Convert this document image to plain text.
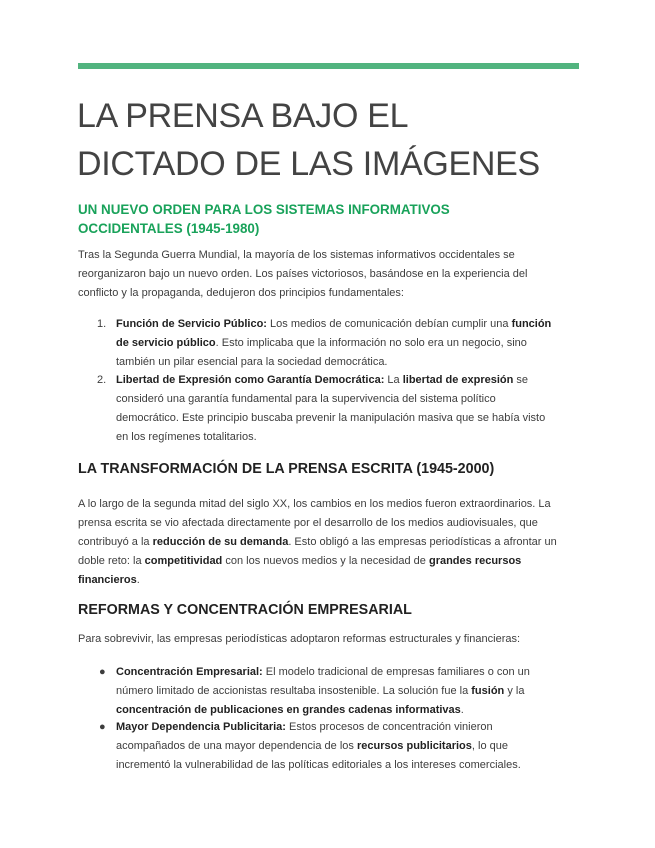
LA PRENSA BAJO EL
DICTADO DE LAS IMÁGENES
UN NUEVO ORDEN PARA LOS SISTEMAS INFORMATIVOS
OCCIDENTALES (1945-1980)

Tras la Segunda Guerra Mundial, la mayoría de los sistemas informativos occidentales se
reorganizaron bajo un nuevo orden. Los países victoriosos, basándose en la experiencia del
conflicto y la propaganda, dedujeron dos principios fundamentales:

1. Función de Servicio Público: Los medios de comunicación debían cumplir una función
de servicio público. Esto implicaba que la información no solo era un negocio, sino
también un pilar esencial para la sociedad democrática.
2. Libertad de Expresión como Garantía Democrática: La libertad de expresión se
consideró una garantía fundamental para la supervivencia del sistema político
democrático. Este principio buscaba prevenir la manipulación masiva que se había visto
en los regímenes totalitarios.
LA TRANSFORMACIÓN DE LA PRENSA ESCRITA (1945-2000)

A lo largo de la segunda mitad del siglo XX, los cambios en los medios fueron extraordinarios. La
prensa escrita se vio afectada directamente por el desarrollo de los medios audiovisuales, que
contribuyó a la reducción de su demanda. Esto obligó a las empresas periodísticas a afrontar un
doble reto: la competitividad con los nuevos medios y la necesidad de grandes recursos
financieros.

REFORMAS Y CONCENTRACIÓN EMPRESARIAL

Para sobrevivir, las empresas periodísticas adoptaron reformas estructurales y financieras:

● Concentración Empresarial: El modelo tradicional de empresas familiares o con un
número limitado de accionistas resultaba insostenible. La solución fue la fusión y la
concentración de publicaciones en grandes cadenas informativas.
● Mayor Dependencia Publicitaria: Estos procesos de concentración vinieron
acompañados de una mayor dependencia de los recursos publicitarios, lo que
incrementó la vulnerabilidad de las políticas editoriales a los intereses comerciales.
